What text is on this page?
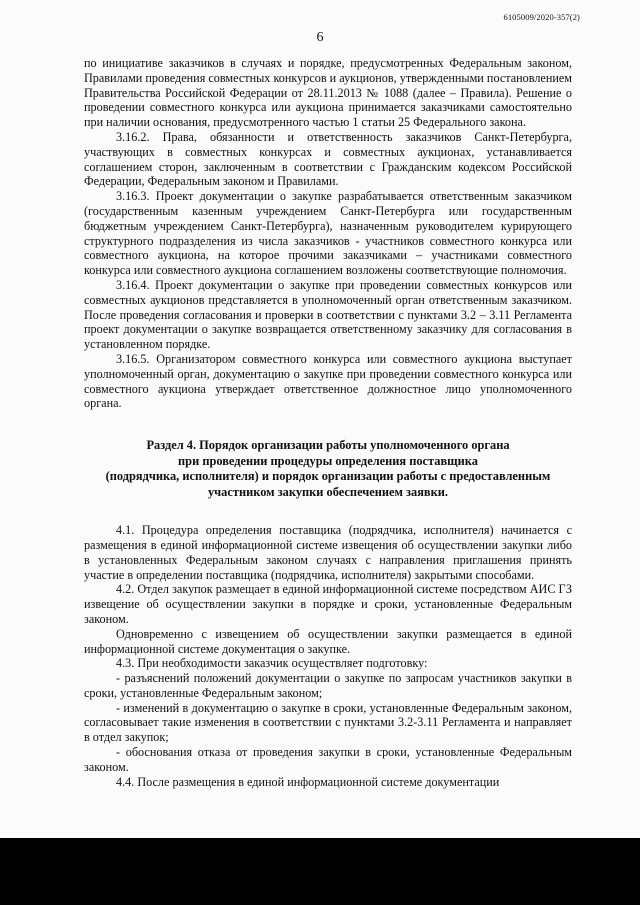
6105009/2020-357(2)
6

по инициативе заказчиков в случаях и порядке, предусмотренных Федеральным законом, Правилами проведения совместных конкурсов и аукционов, утвержденными постановлением Правительства Российской Федерации от 28.11.2013 № 1088 (далее – Правила). Решение о проведении совместного конкурса или аукциона принимается заказчиками самостоятельно при наличии основания, предусмотренного частью 1 статьи 25 Федерального закона.

3.16.2. Права, обязанности и ответственность заказчиков Санкт-Петербурга, участвующих в совместных конкурсах и совместных аукционах, устанавливается соглашением сторон, заключенным в соответствии с Гражданским кодексом Российской Федерации, Федеральным законом и Правилами.

3.16.3. Проект документации о закупке разрабатывается ответственным заказчиком (государственным казенным учреждением Санкт-Петербурга или государственным бюджетным учреждением Санкт-Петербурга), назначенным руководителем курирующего структурного подразделения из числа заказчиков - участников совместного конкурса или совместного аукциона, на которое прочими заказчиками – участниками совместного конкурса или совместного аукциона соглашением возложены соответствующие полномочия.

3.16.4. Проект документации о закупке при проведении совместных конкурсов или совместных аукционов представляется в уполномоченный орган ответственным заказчиком. После проведения согласования и проверки в соответствии с пунктами 3.2 – 3.11 Регламента проект документации о закупке возвращается ответственному заказчику для согласования в установленном порядке.

3.16.5. Организатором совместного конкурса или совместного аукциона выступает уполномоченный орган, документацию о закупке при проведении совместного конкурса или совместного аукциона утверждает ответственное должностное лицо уполномоченного органа.

Раздел 4. Порядок организации работы уполномоченного органа
при проведении процедуры определения поставщика
(подрядчика, исполнителя) и порядок организации работы с предоставленным
участником закупки обеспечением заявки.

4.1. Процедура определения поставщика (подрядчика, исполнителя) начинается с размещения в единой информационной системе извещения об осуществлении закупки либо в установленных Федеральным законом случаях с направления приглашения принять участие в определении поставщика (подрядчика, исполнителя) закрытыми способами.

4.2. Отдел закупок размещает в единой информационной системе посредством АИС ГЗ извещение об осуществлении закупки в порядке и сроки, установленные Федеральным законом.

Одновременно с извещением об осуществлении закупки размещается в единой информационной системе документация о закупке.

4.3. При необходимости заказчик осуществляет подготовку:

- разъяснений положений документации о закупке по запросам участников закупки в сроки, установленные Федеральным законом;

- изменений в документацию о закупке в сроки, установленные Федеральным законом, согласовывает такие изменения в соответствии с пунктами 3.2-3.11 Регламента и направляет в отдел закупок;

- обоснования отказа от проведения закупки в сроки, установленные Федеральным законом.

4.4. После размещения в единой информационной системе документации
